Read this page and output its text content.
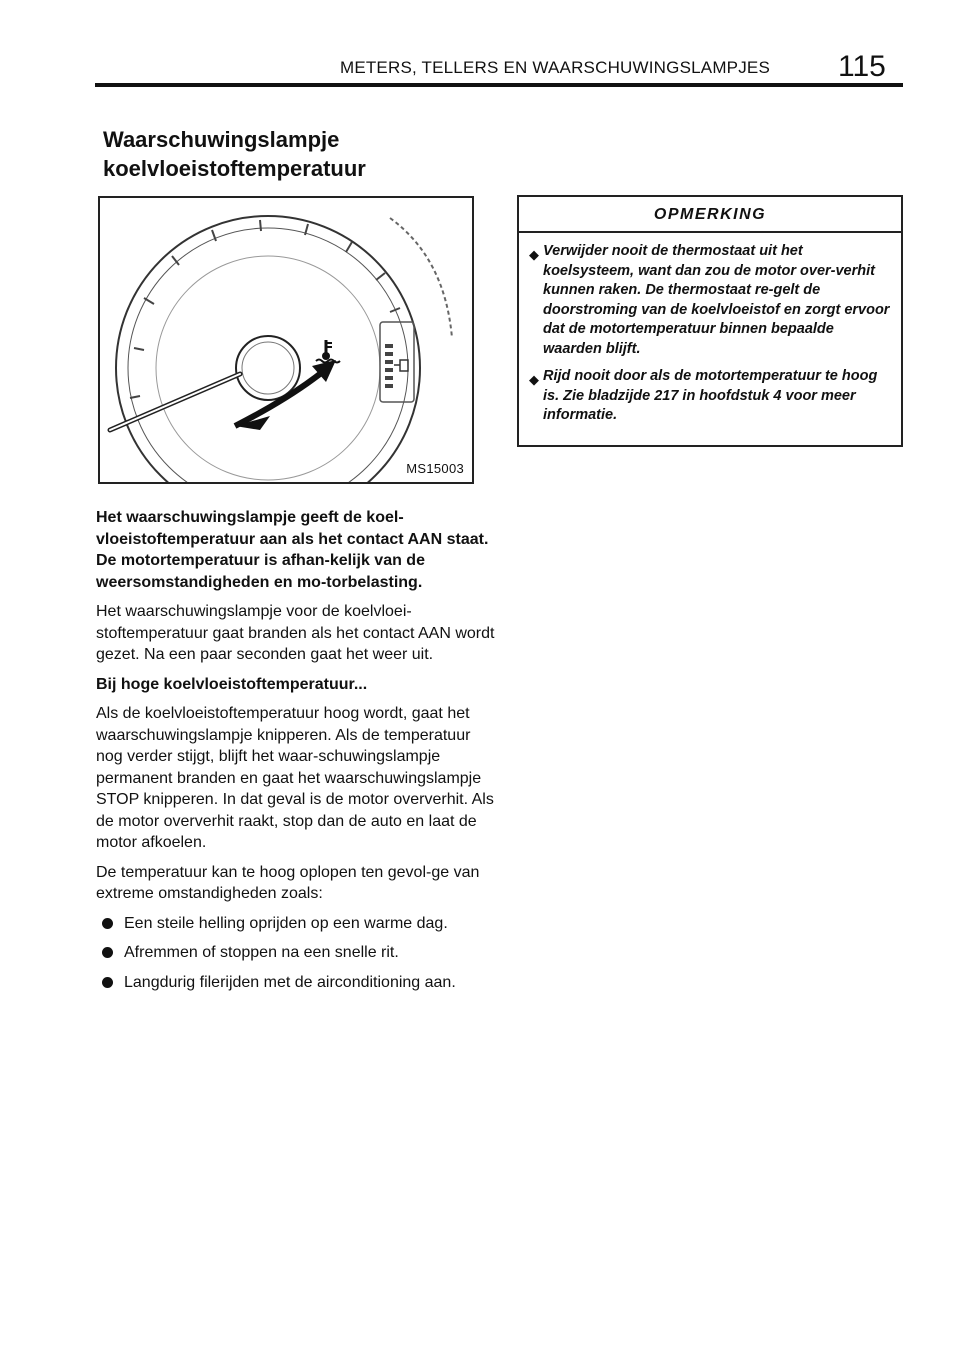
METERS, TELLERS EN WAARSCHUWINGSLAMPJES 115
Waarschuwingslampje
koelvloeistoftemperatuur
MS15003

Het waarschuwingslampje geeft de koel-vloeistoftemperatuur aan als het contact AAN staat. De motortemperatuur is afhan-kelijk van de weersomstandigheden en mo-torbelasting.

Het waarschuwingslampje voor de koelvloei-stoftemperatuur gaat branden als het contact AAN wordt gezet. Na een paar seconden gaat het weer uit.

Bij hoge koelvloeistoftemperatuur...

Als de koelvloeistoftemperatuur hoog wordt, gaat het waarschuwingslampje knipperen. Als de temperatuur nog verder stijgt, blijft het waar-schuwingslampje permanent branden en gaat het waarschuwingslampje STOP knipperen. In dat geval is de motor oververhit. Als de motor oververhit raakt, stop dan de auto en laat de motor afkoelen.

De temperatuur kan te hoog oplopen ten gevol-ge van extreme omstandigheden zoals:

Een steile helling oprijden op een warme dag.
Afremmen of stoppen na een snelle rit.
Langdurig filerijden met de airconditioning aan.
OPMERKING
◆ Verwijder nooit de thermostaat uit het koelsysteem, want dan zou de motor over-verhit kunnen raken. De thermostaat re-gelt de doorstroming van de koelvloeistof en zorgt ervoor dat de motortemperatuur binnen bepaalde waarden blijft.
◆ Rijd nooit door als de motortemperatuur te hoog is. Zie bladzijde 217 in hoofdstuk 4 voor meer informatie.
